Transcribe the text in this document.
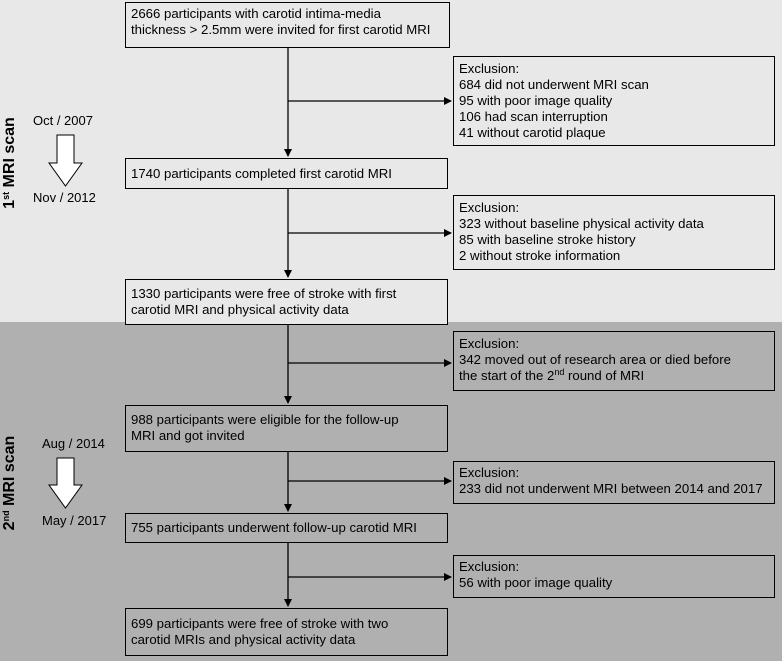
1st MRI scan
2nd MRI scan
Oct / 2007
Nov / 2012
Aug / 2014
May / 2017
2666 participants with carotid intima-media
thickness > 2.5mm were invited for first carotid MRI
1740 participants completed first carotid MRI
1330 participants were free of stroke with first
carotid MRI and physical activity data
988 participants were eligible for the follow-up
MRI and got invited
755 participants underwent follow-up carotid MRI
699 participants were free of stroke with two
carotid MRIs and physical activity data
Exclusion:
684 did not underwent MRI scan
95 with poor image quality
106 had scan interruption
41 without carotid plaque
Exclusion:
323 without baseline physical activity data
85 with baseline stroke history
2 without stroke information
Exclusion:
342 moved out of research area or died before
the start of the 2nd round of MRI
Exclusion:
233 did not underwent MRI between 2014 and 2017
Exclusion:
56 with poor image quality
